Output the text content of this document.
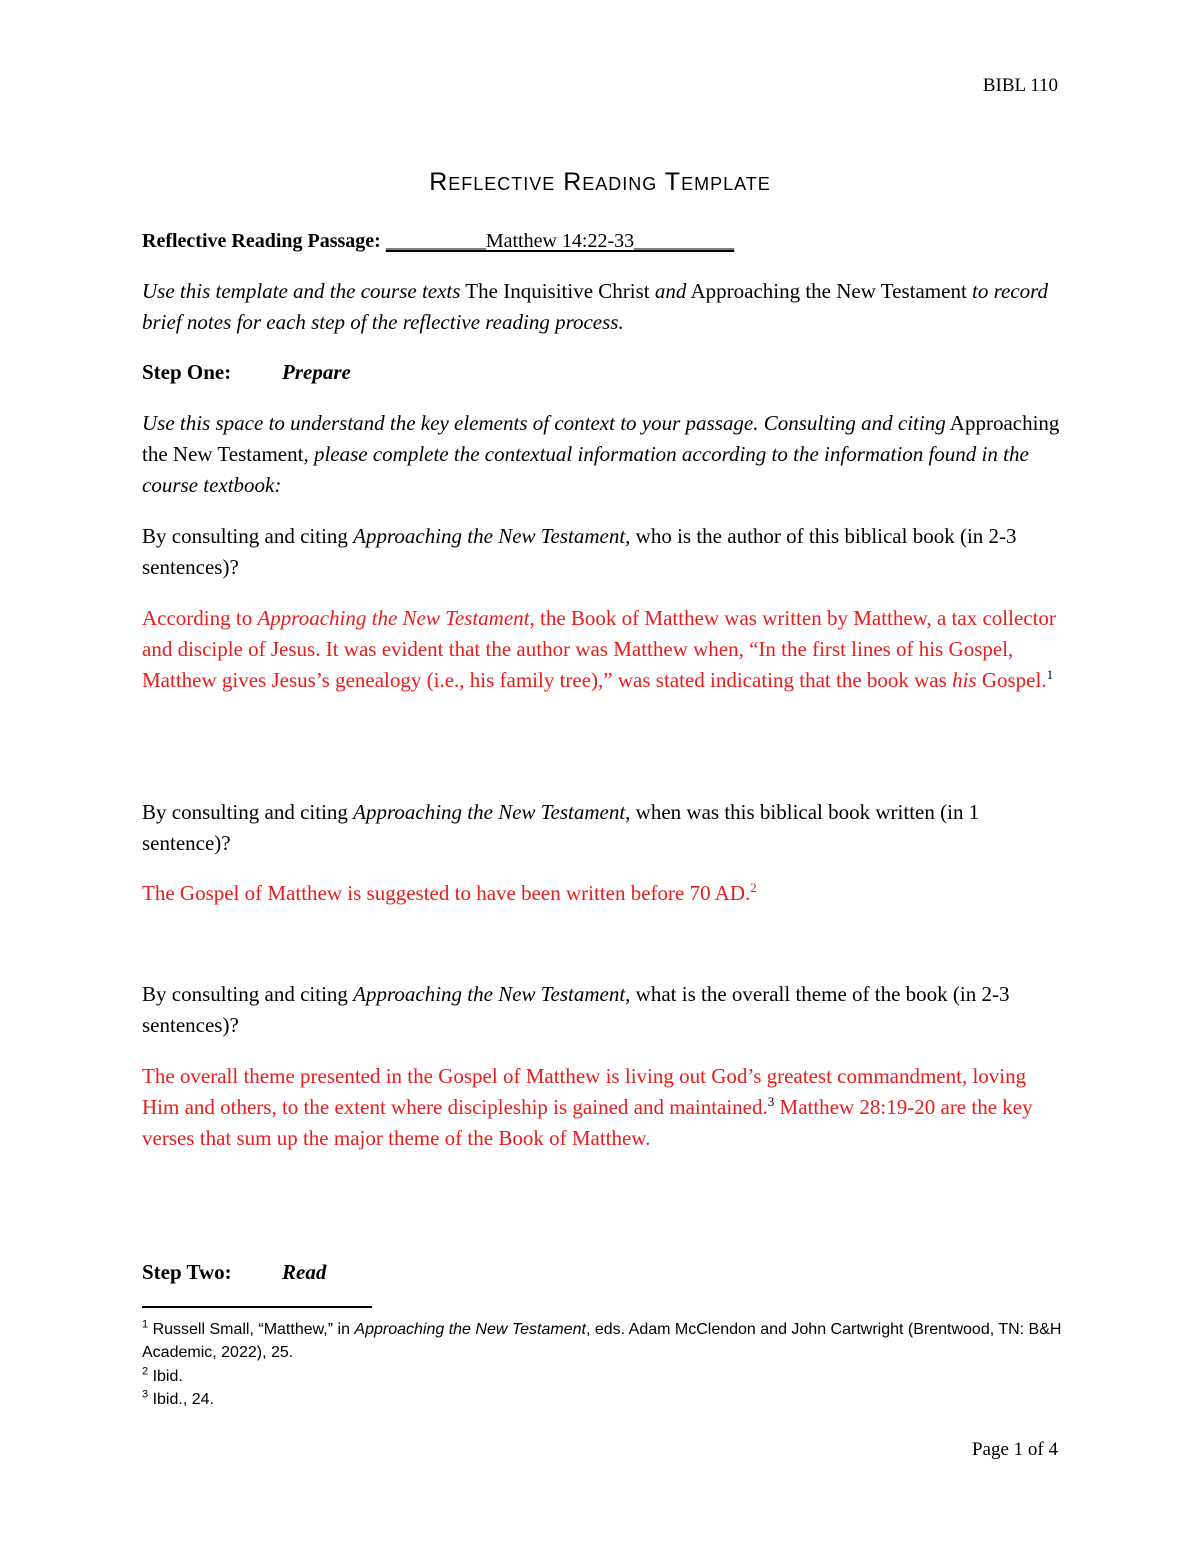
BIBL 110
Reflective Reading Template
Reflective Reading Passage: __________Matthew 14:22-33__________

Use this template and the course texts The Inquisitive Christ and Approaching the New Testament to record brief notes for each step of the reflective reading process.

Step One: Prepare

Use this space to understand the key elements of context to your passage. Consulting and citing Approaching the New Testament, please complete the contextual information according to the information found in the course textbook:

By consulting and citing Approaching the New Testament, who is the author of this biblical book (in 2-3 sentences)?

According to Approaching the New Testament, the Book of Matthew was written by Matthew, a tax collector and disciple of Jesus. It was evident that the author was Matthew when, “In the first lines of his Gospel, Matthew gives Jesus’s genealogy (i.e., his family tree),” was stated indicating that the book was his Gospel.$^1$

By consulting and citing Approaching the New Testament, when was this biblical book written (in 1 sentence)?

The Gospel of Matthew is suggested to have been written before 70 AD.$^2$

By consulting and citing Approaching the New Testament, what is the overall theme of the book (in 2-3 sentences)?

The overall theme presented in the Gospel of Matthew is living out God’s greatest commandment, loving Him and others, to the extent where discipleship is gained and maintained.$^3$ Matthew 28:19-20 are the key verses that sum up the major theme of the Book of Matthew.

Step Two: Read

$^1$ Russell Small, “Matthew,” in Approaching the New Testament, eds. Adam McClendon and John Cartwright (Brentwood, TN: B&H Academic, 2022), 25.

$^2$ Ibid.

$^3$ Ibid., 24.

Page 1 of 4
